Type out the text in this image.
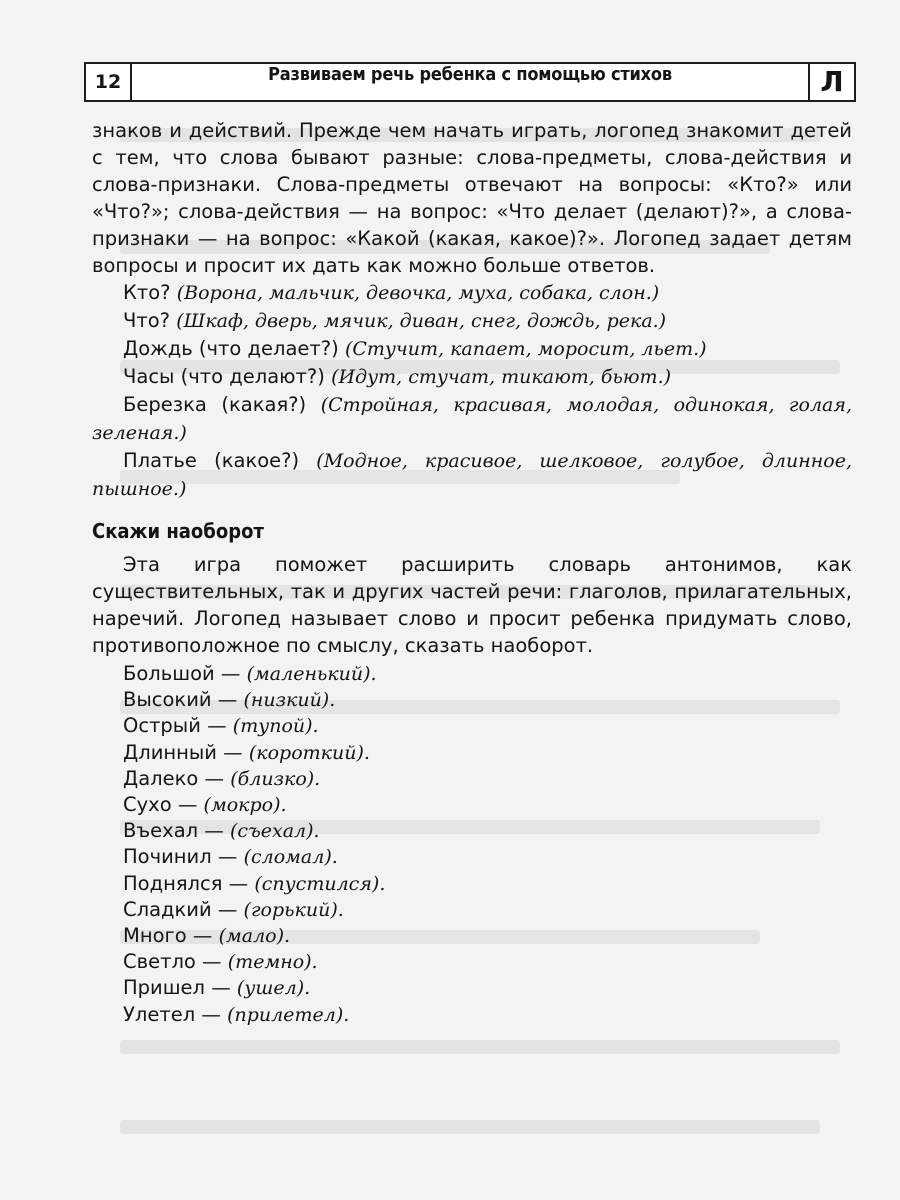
12	Развиваем речь ребенка с помощью стихов	Л

знаков и действий. Прежде чем начать играть, логопед знакомит детей с тем, что слова бывают разные: слова-предметы, слова-действия и слова-признаки. Слова-предметы отвечают на вопросы: «Кто?» или «Что?»; слова-действия — на вопрос: «Что делает (делают)?», а слова-признаки — на вопрос: «Какой (какая, какое)?». Логопед задает детям вопросы и просит их дать как можно больше ответов.

Кто? (Ворона, мальчик, девочка, муха, собака, слон.)

Что? (Шкаф, дверь, мячик, диван, снег, дождь, река.)

Дождь (что делает?) (Стучит, капает, моросит, льет.)

Часы (что делают?) (Идут, стучат, тикают, бьют.)

Березка (какая?) (Стройная, красивая, молодая, одинокая, голая, зеленая.)

Платье (какое?) (Модное, красивое, шелковое, голубое, длинное, пышное.)

Скажи наоборот

Эта игра поможет расширить словарь антонимов, как существительных, так и других частей речи: глаголов, прилагательных, наречий. Логопед называет слово и просит ребенка придумать слово, противоположное по смыслу, сказать наоборот.

Большой — (маленький).

Высокий — (низкий).

Острый — (тупой).

Длинный — (короткий).

Далеко — (близко).

Сухо — (мокро).

Въехал — (съехал).

Починил — (сломал).

Поднялся — (спустился).

Сладкий — (горький).

Много — (мало).

Светло — (темно).

Пришел — (ушел).

Улетел — (прилетел).
